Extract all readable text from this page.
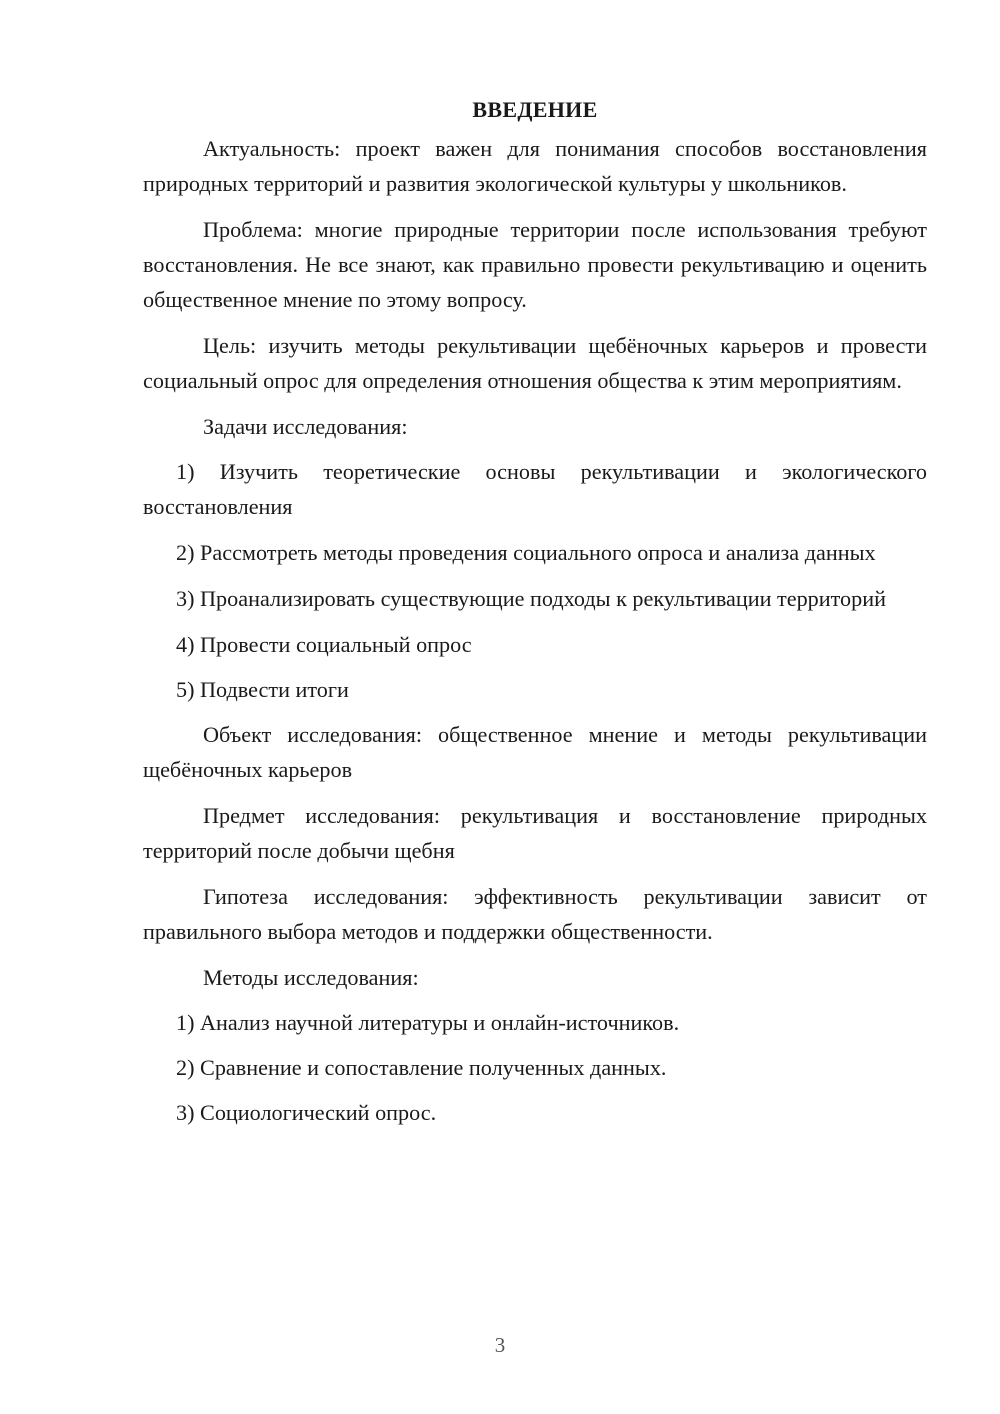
ВВЕДЕНИЕ

Актуальность: проект важен для понимания способов восстановления природных территорий и развития экологической культуры у школьников.

Проблема: многие природные территории после использования требуют восстановления. Не все знают, как правильно провести рекультивацию и оценить общественное мнение по этому вопросу.

Цель: изучить методы рекультивации щебёночных карьеров и провести социальный опрос для определения отношения общества к этим мероприятиям.

Задачи исследования:

1) Изучить теоретические основы рекультивации и экологического восстановления

2) Рассмотреть методы проведения социального опроса и анализа данных

3) Проанализировать существующие подходы к рекультивации территорий

4) Провести социальный опрос

5) Подвести итоги

Объект исследования: общественное мнение и методы рекультивации щебёночных карьеров

Предмет исследования: рекультивация и восстановление природных территорий после добычи щебня

Гипотеза исследования: эффективность рекультивации зависит от правильного выбора методов и поддержки общественности.

Методы исследования:

1) Анализ научной литературы и онлайн-источников.

2) Сравнение и сопоставление полученных данных.

3) Социологический опрос.

3
